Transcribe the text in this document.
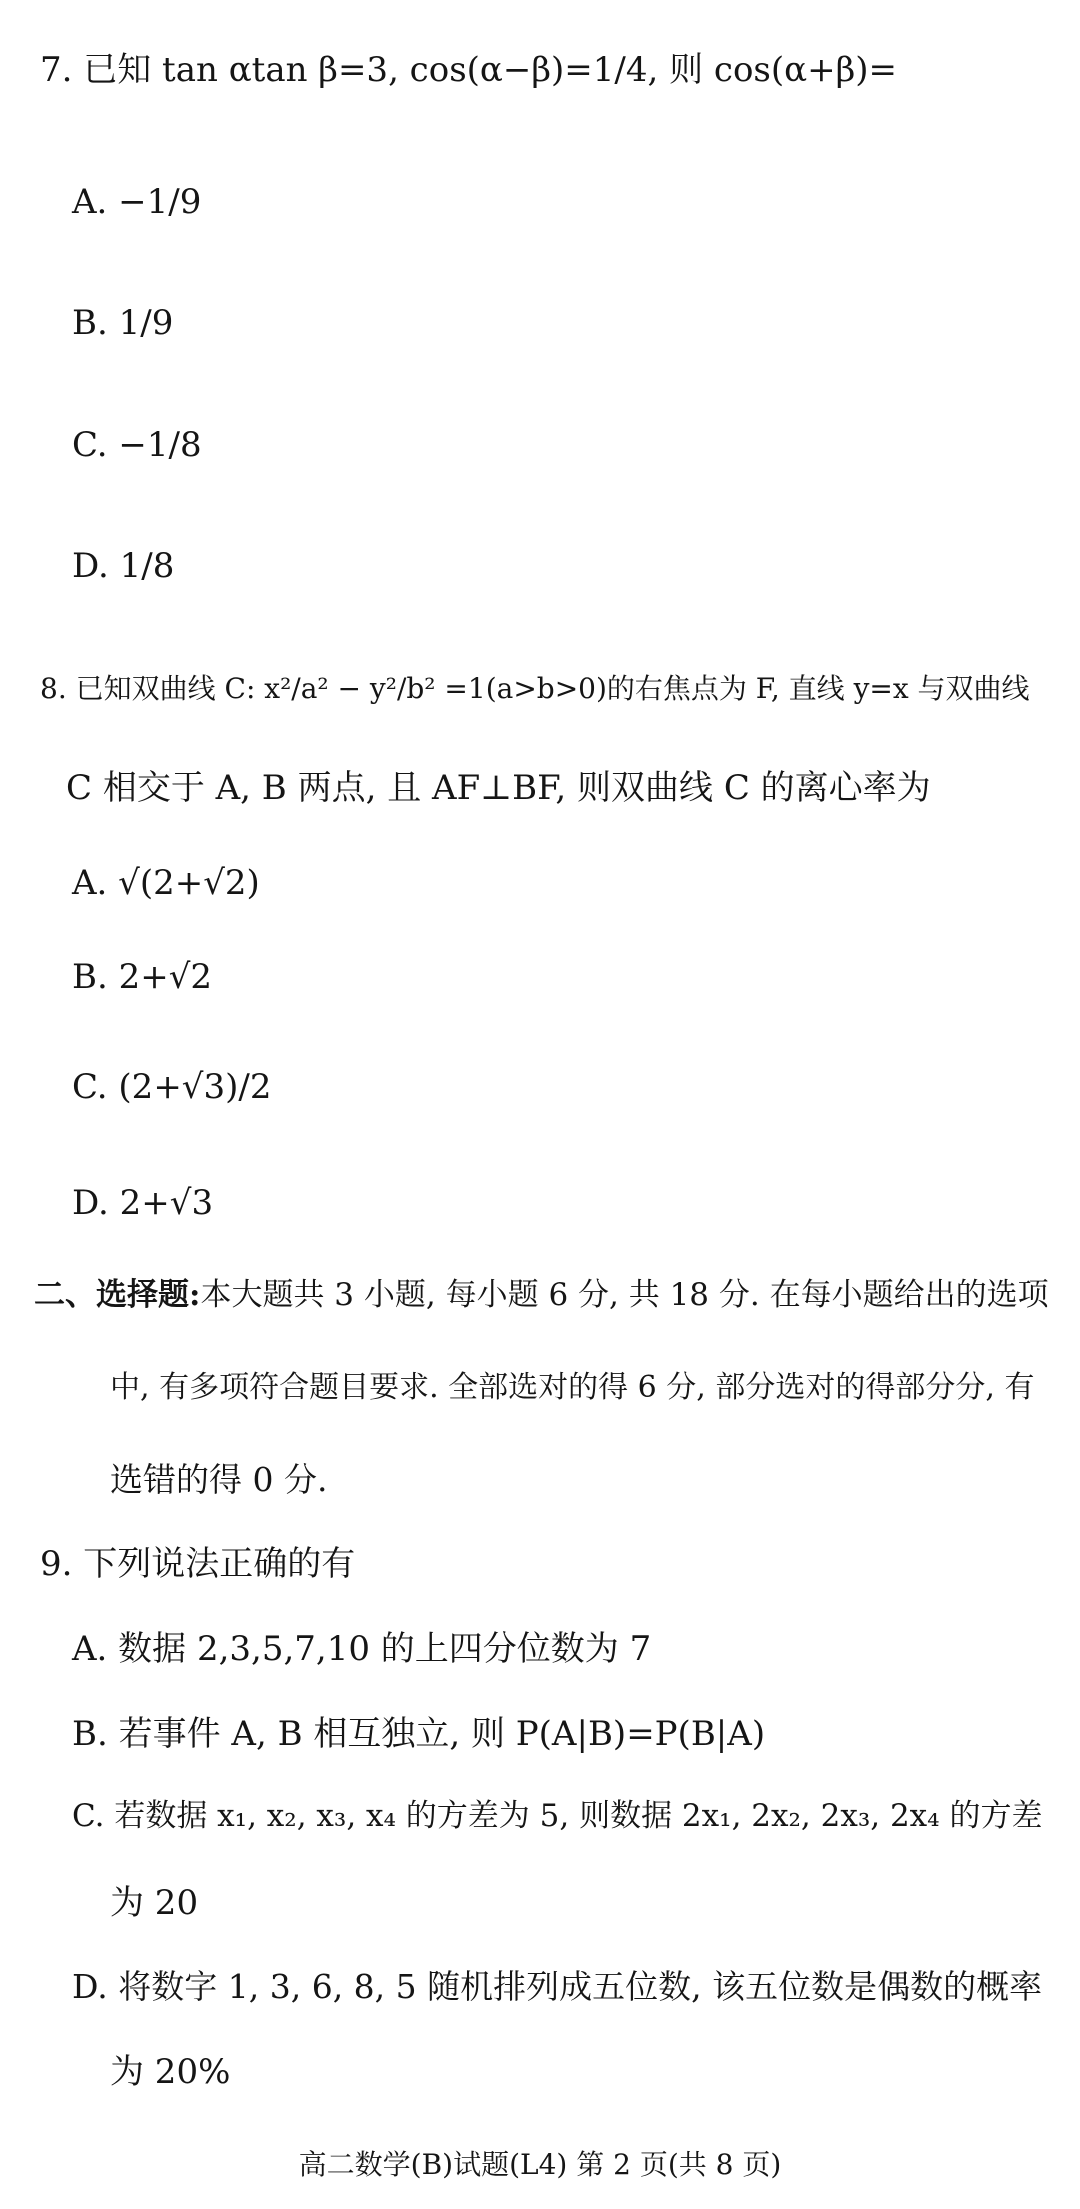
7. 已知 tan αtan β=3, cos(α−β)=1/4, 则 cos(α+β)=
A. −1/9
B. 1/9
C. −1/8
D. 1/8
8. 已知双曲线 C: x²/a² − y²/b² =1(a>b>0)的右焦点为 F, 直线 y=x 与双曲线
C 相交于 A, B 两点, 且 AF⊥BF, 则双曲线 C 的离心率为
A. √(2+√2)
B. 2+√2
C. (2+√3)/2
D. 2+√3
二、选择题:本大题共 3 小题, 每小题 6 分, 共 18 分. 在每小题给出的选项
中, 有多项符合题目要求. 全部选对的得 6 分, 部分选对的得部分分, 有
选错的得 0 分.
9. 下列说法正确的有
A. 数据 2,3,5,7,10 的上四分位数为 7
B. 若事件 A, B 相互独立, 则 P(A|B)=P(B|A)
C. 若数据 x₁, x₂, x₃, x₄ 的方差为 5, 则数据 2x₁, 2x₂, 2x₃, 2x₄ 的方差
为 20
D. 将数字 1, 3, 6, 8, 5 随机排列成五位数, 该五位数是偶数的概率
为 20%
高二数学(B)试题(L4) 第 2 页(共 8 页)
